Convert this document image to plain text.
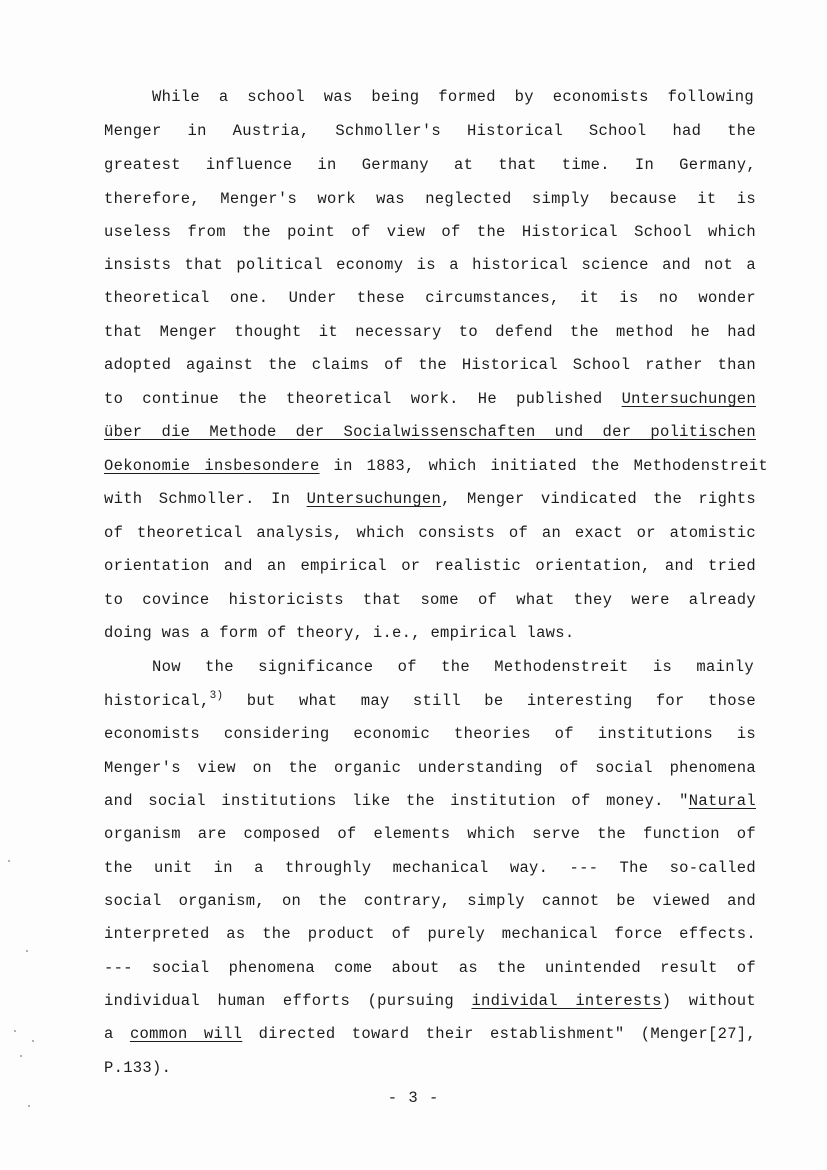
While a school was being formed by economists following
Menger in Austria, Schmoller's Historical School had the
greatest influence in Germany at that time. In Germany,
therefore, Menger's work was neglected simply because it is
useless from the point of view of the Historical School which
insists that political economy is a historical science and not a
theoretical one. Under these circumstances, it is no wonder
that Menger thought it necessary to defend the method he had
adopted against the claims of the Historical School rather than
to continue the theoretical work. He published Untersuchungen
über die Methode der Socialwissenschaften und der politischen
Oekonomie insbesondere in 1883, which initiated the Methodenstreit
with Schmoller. In Untersuchungen, Menger vindicated the rights
of theoretical analysis, which consists of an exact or atomistic
orientation and an empirical or realistic orientation, and tried
to covince historicists that some of what they were already
doing was a form of theory, i.e., empirical laws.
Now the significance of the Methodenstreit is mainly
historical,$^{3)}$ but what may still be interesting for those
economists considering economic theories of institutions is
Menger's view on the organic understanding of social phenomena
and social institutions like the institution of money. "Natural
organism are composed of elements which serve the function of
the unit in a throughly mechanical way. --- The so-called
social organism, on the contrary, simply cannot be viewed and
interpreted as the product of purely mechanical force effects.
--- social phenomena come about as the unintended result of
individual human efforts (pursuing individal interests) without
a common will directed toward their establishment" (Menger[27],
P.133).
- 3 -
